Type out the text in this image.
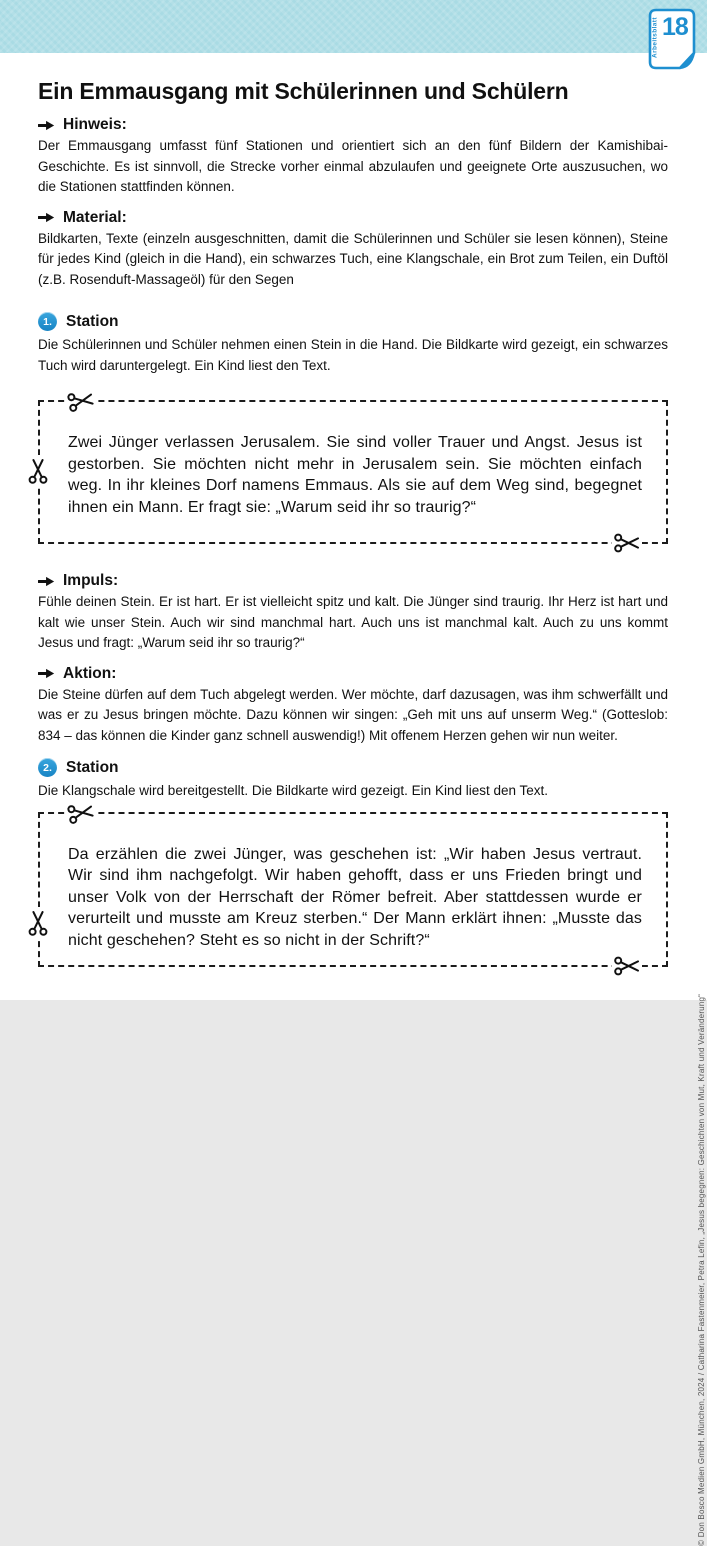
Arbeitsblatt 18
Ein Emmausgang mit Schülerinnen und Schülern
Hinweis:

Der Emmausgang umfasst fünf Stationen und orientiert sich an den fünf Bildern der Kamishibai-Geschichte. Es ist sinnvoll, die Strecke vorher einmal abzulaufen und geeignete Orte auszusuchen, wo die Stationen stattfinden können.

Material:

Bildkarten, Texte (einzeln ausgeschnitten, damit die Schülerinnen und Schüler sie lesen können), Steine für jedes Kind (gleich in die Hand), ein schwarzes Tuch, eine Klangschale, ein Brot zum Teilen, ein Duftöl (z.B. Rosenduft-Massageöl) für den Segen

1. Station

Die Schülerinnen und Schüler nehmen einen Stein in die Hand. Die Bildkarte wird gezeigt, ein schwarzes Tuch wird daruntergelegt. Ein Kind liest den Text.

Zwei Jünger verlassen Jerusalem. Sie sind voller Trauer und Angst. Jesus ist gestorben. Sie möchten nicht mehr in Jerusalem sein. Sie möchten einfach weg. In ihr kleines Dorf namens Emmaus. Als sie auf dem Weg sind, begegnet ihnen ein Mann. Er fragt sie: „Warum seid ihr so traurig?“
Impuls:

Fühle deinen Stein. Er ist hart. Er ist vielleicht spitz und kalt. Die Jünger sind traurig. Ihr Herz ist hart und kalt wie unser Stein. Auch wir sind manchmal hart. Auch uns ist manchmal kalt. Auch zu uns kommt Jesus und fragt: „Warum seid ihr so traurig?“

Aktion:

Die Steine dürfen auf dem Tuch abgelegt werden. Wer möchte, darf dazusagen, was ihm schwerfällt und was er zu Jesus bringen möchte. Dazu können wir singen: „Geh mit uns auf unserm Weg.“ (Gotteslob: 834 – das können die Kinder ganz schnell auswendig!) Mit offenem Herzen gehen wir nun weiter.

2. Station

Die Klangschale wird bereitgestellt. Die Bildkarte wird gezeigt. Ein Kind liest den Text.

Da erzählen die zwei Jünger, was geschehen ist: „Wir haben Jesus vertraut. Wir sind ihm nachgefolgt. Wir haben gehofft, dass er uns Frieden bringt und unser Volk von der Herrschaft der Römer befreit. Aber stattdessen wurde er verurteilt und musste am Kreuz sterben.“ Der Mann erklärt ihnen: „Musste das nicht geschehen? Steht es so nicht in der Schrift?“
© Don Bosco Medien GmbH, München, 2024 / Catharina Fastenmeier, Petra Lefin, „Jesus begegnen: Geschichten von Mut, Kraft und Veränderung“
